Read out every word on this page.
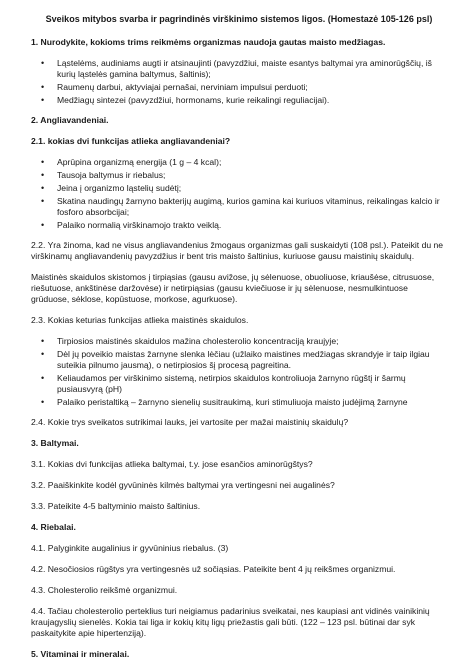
Sveikos mitybos svarba ir pagrindinės virškinimo sistemos ligos. (Homestazė 105-126 psl)

1. Nurodykite, kokioms trims reikmėms organizmas naudoja gautas maisto medžiagas.

• Ląstelėms, audiniams augti ir atsinaujinti (pavyzdžiui, maiste esantys baltymai yra aminorūgščių, iš kurių ląstelės gamina baltymus, šaltinis);
• Raumenų darbui, aktyviajai pernašai, nerviniam impulsui perduoti;
• Medžiagų sintezei (pavyzdžiui, hormonams, kurie reikalingi reguliacijai).

2. Angliavandeniai.

2.1. kokias dvi funkcijas atlieka angliavandeniai?

• Aprūpina organizmą energija (1 g – 4 kcal);
• Tausoja baltymus ir riebalus;
• Jeina į organizmo ląstelių sudėtį;
• Skatina naudingų žarnyno bakterijų augimą, kurios gamina kai kuriuos vitaminus, reikalingas kalcio ir fosforo absorbcijai;
• Palaiko normalią virškinamojo trakto veiklą.

2.2. Yra žinoma, kad ne visus angliavandenius žmogaus organizmas gali suskaidyti (108 psl.). Pateikit du ne virškinamų angliavandenių pavyzdžius ir bent tris maisto šaltinius, kuriuose gausu maistinių skaidulų.

Maistinės skaidulos skistomos į tirpiąsias (gausu avižose, jų sėlenuose, obuoliuose, kriaušėse, citrusuose, riešutuose, ankštinėse daržovėse) ir netirpiąsias (gausu kviečiuose ir jų sėlenuose, nesmulkintuose grūduose, sėklose, kopūstuose, morkose, agurkuose).

2.3. Kokias keturias funkcijas atlieka maistinės skaidulos.

• Tirpiosios maistinės skaidulos mažina cholesterolio koncentraciją kraujyje;
• Dėl jų poveikio maistas žarnyne slenka lėčiau (užlaiko maistines medžiagas skrandyje ir taip ilgiau suteikia pilnumo jausmą), o netirpiosios šį procesą pagreitina.
• Keliaudamos per virškinimo sistemą, netirpios skaidulos kontroliuoja žarnyno rūgštį ir šarmų pusiausvyrą (pH)
• Palaiko peristaltiką – žarnyno sienelių susitraukimą, kuri stimuliuoja maisto judėjimą žarnyne

2.4. Kokie trys sveikatos sutrikimai lauks, jei vartosite per mažai maistinių skaidulų?

3. Baltymai.

3.1. Kokias dvi funkcijas atlieka baltymai, t.y. jose esančios aminorūgštys?

3.2. Paaiškinkite kodėl gyvūninės kilmės baltymai yra vertingesni nei augalinės?

3.3. Pateikite 4-5 baltyminio maisto šaltinius.

4. Riebalai.

4.1. Palyginkite augalinius ir gyvūninius riebalus. (3)

4.2. Nesočiosios rūgštys yra vertingesnės už sočiąsias. Pateikite bent 4 jų reikšmes organizmui.

4.3. Cholesterolio reikšmė organizmui.

4.4. Tačiau cholesterolio perteklius turi neigiamus padarinius sveikatai, nes kaupiasi ant vidinės vainikinių kraujagyslių sienelės. Kokia tai liga ir kokių kitų ligų priežastis gali būti. (122 – 123 psl. būtinai dar syk paskaitykite apie hipertenziją).

5. Vitaminai ir mineralai.
